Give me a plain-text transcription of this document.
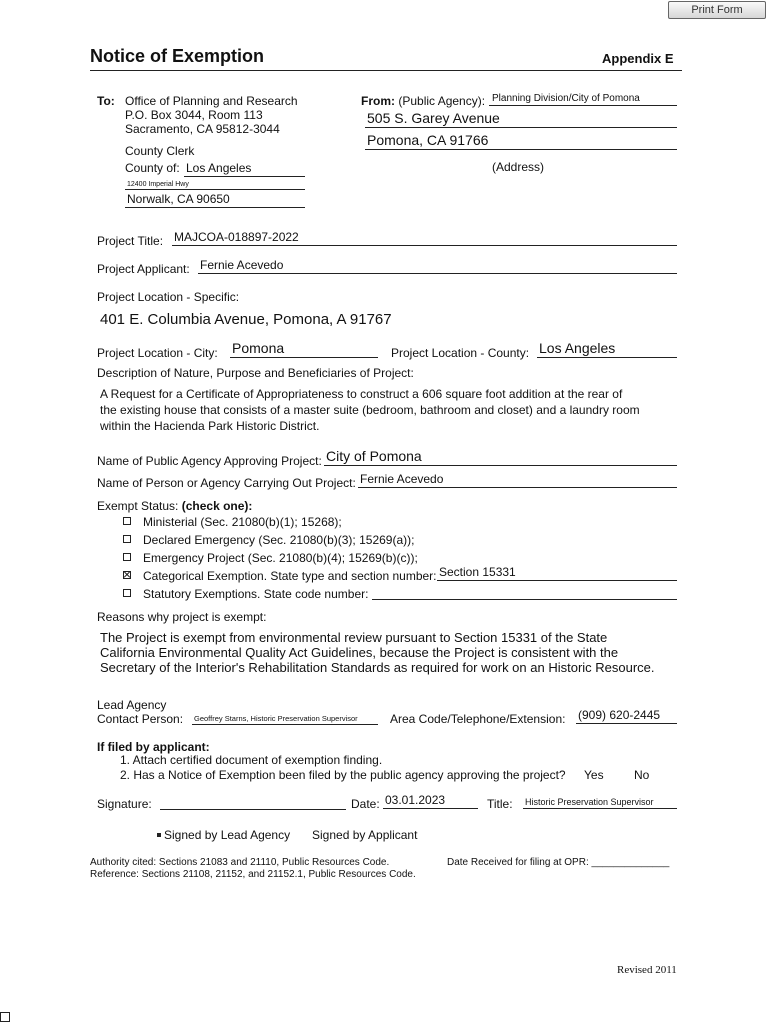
Print Form
Notice of Exemption	Appendix E
To: Office of Planning and Research
P.O. Box 3044, Room 113
Sacramento, CA 95812-3044
County Clerk
County of: Los Angeles
12400 Imperial Hwy
Norwalk, CA 90650
From: (Public Agency): Planning Division/City of Pomona
505 S. Garey Avenue
Pomona, CA 91766
(Address)
Project Title: MAJCOA-018897-2022
Project Applicant: Fernie Acevedo
Project Location - Specific:
401 E. Columbia Avenue, Pomona, A 91767
Project Location - City: Pomona	Project Location - County: Los Angeles
Description of Nature, Purpose and Beneficiaries of Project:
A Request for a Certificate of Appropriateness to construct a 606 square foot addition at the rear of
the existing house that consists of a master suite (bedroom, bathroom and closet) and a laundry room
within the Hacienda Park Historic District.
Name of Public Agency Approving Project: City of Pomona
Name of Person or Agency Carrying Out Project: Fernie Acevedo
Exempt Status: (check one):
Ministerial (Sec. 21080(b)(1); 15268);
Declared Emergency (Sec. 21080(b)(3); 15269(a));
Emergency Project (Sec. 21080(b)(4); 15269(b)(c));
Categorical Exemption. State type and section number: Section 15331
Statutory Exemptions. State code number:
Reasons why project is exempt:
The Project is exempt from environmental review pursuant to Section 15331 of the State
California Environmental Quality Act Guidelines, because the Project is consistent with the
Secretary of the Interior's Rehabilitation Standards as required for work on an Historic Resource.
Lead Agency
Contact Person: Geoffrey Starns, Historic Preservation Supervisor	Area Code/Telephone/Extension: (909) 620-2445
If filed by applicant:
1. Attach certified document of exemption finding.
2. Has a Notice of Exemption been filed by the public agency approving the project? Yes	No
Signature:	Date: 03.01.2023	Title: Historic Preservation Supervisor
Signed by Lead Agency Signed by Applicant
Authority cited: Sections 21083 and 21110, Public Resources Code.
Reference: Sections 21108, 21152, and 21152.1, Public Resources Code.
Date Received for filing at OPR: ______________
Revised 2011
